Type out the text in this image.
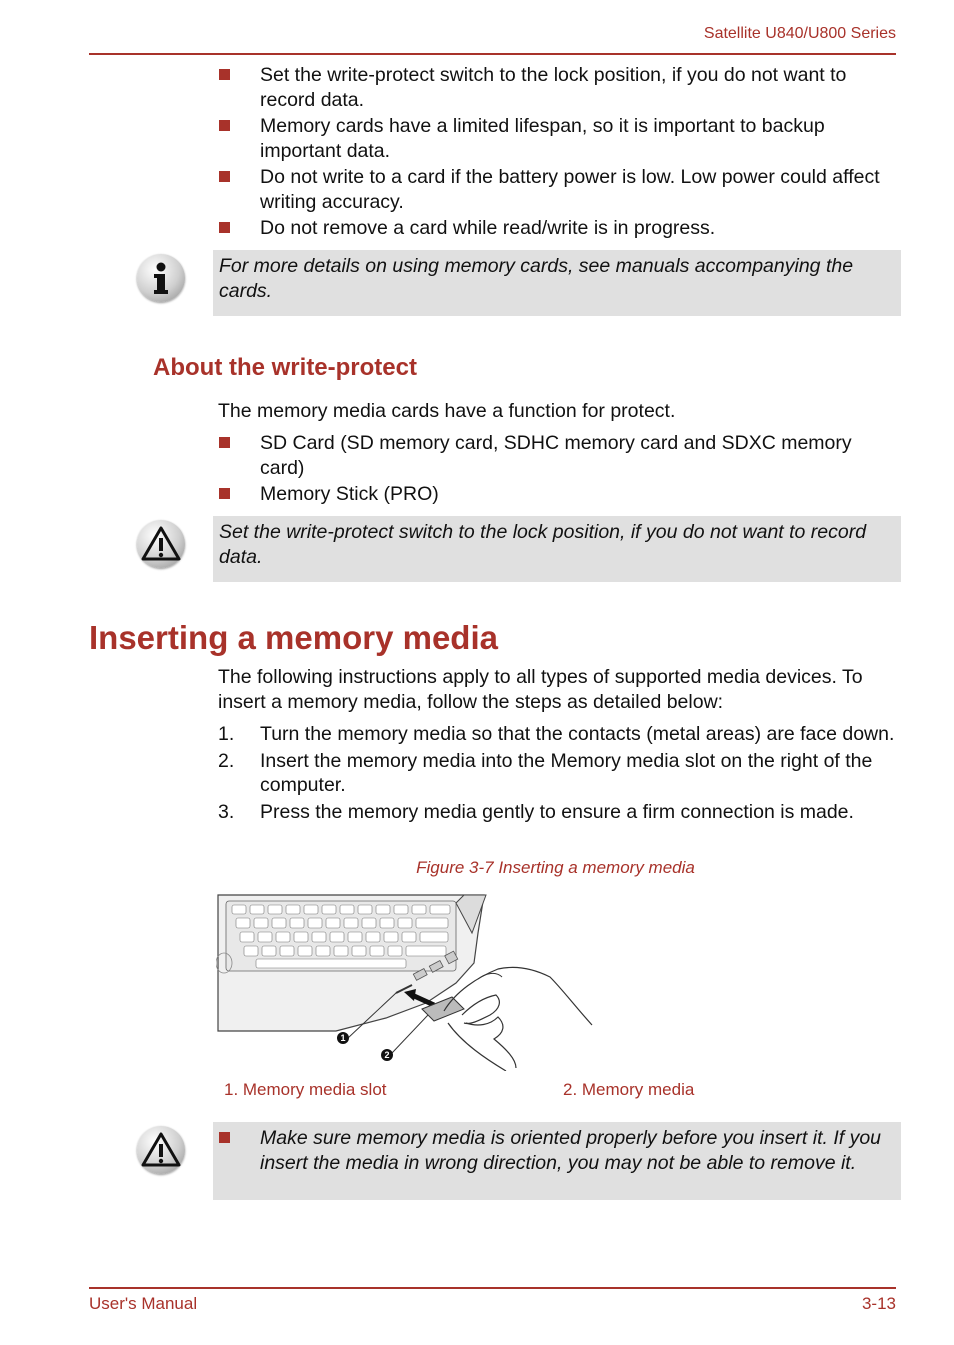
Satellite U840/U800 Series
Set the write-protect switch to the lock position, if you do not want to record data.
Memory cards have a limited lifespan, so it is important to backup important data.
Do not write to a card if the battery power is low. Low power could affect writing accuracy.
Do not remove a card while read/write is in progress.
For more details on using memory cards, see manuals accompanying the cards.
About the write-protect
The memory media cards have a function for protect.
SD Card (SD memory card, SDHC memory card and SDXC memory card)
Memory Stick (PRO)
Set the write-protect switch to the lock position, if you do not want to record data.
Inserting a memory media
The following instructions apply to all types of supported media devices. To insert a memory media, follow the steps as detailed below:
1. Turn the memory media so that the contacts (metal areas) are face down.
2. Insert the memory media into the Memory media slot on the right of the computer.
3. Press the memory media gently to ensure a firm connection is made.
Figure 3-7 Inserting a memory media
1
2
1. Memory media slot	2. Memory media
Make sure memory media is oriented properly before you insert it. If you insert the media in wrong direction, you may not be able to remove it.
User's Manual	3-13
